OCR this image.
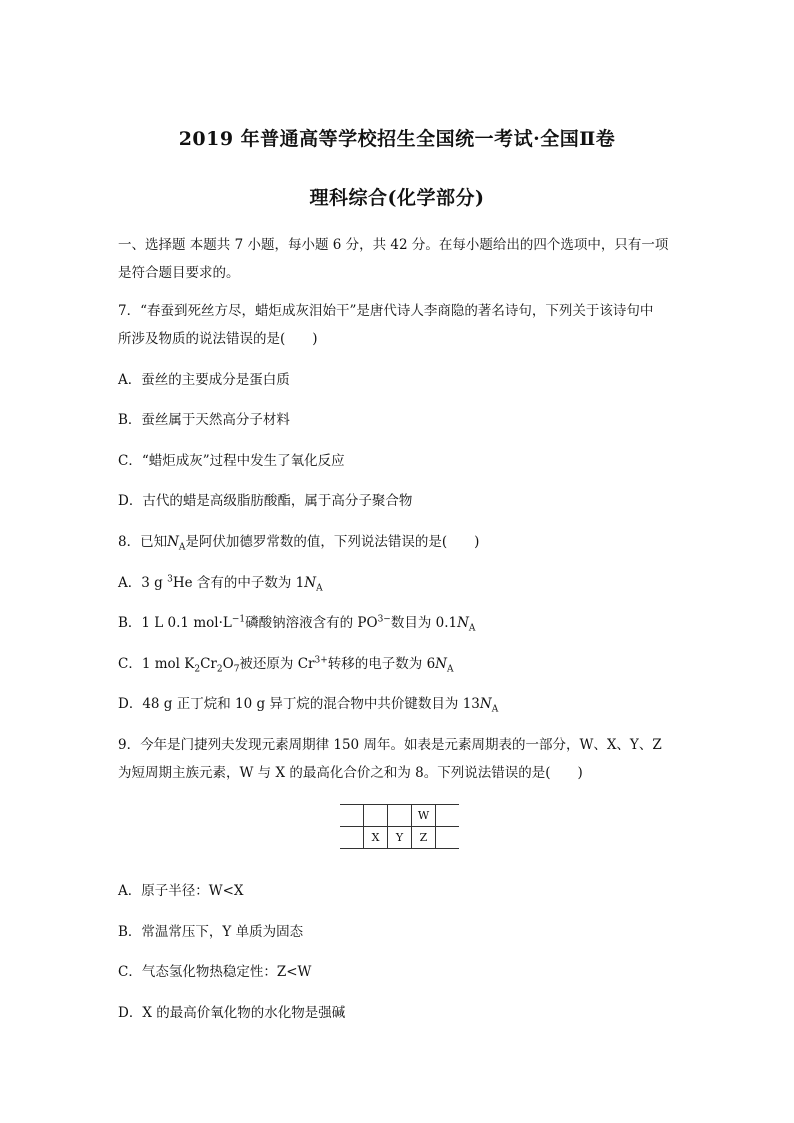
2019 年普通高等学校招生全国统一考试·全国Ⅱ卷
理科综合(化学部分)
一、选择题 本题共 7 小题，每小题 6 分，共 42 分。在每小题给出的四个选项中，只有一项
是符合题目要求的。
7．“春蚕到死丝方尽，蜡炬成灰泪始干”是唐代诗人李商隐的著名诗句，下列关于该诗句中
所涉及物质的说法错误的是(　　)
A．蚕丝的主要成分是蛋白质
B．蚕丝属于天然高分子材料
C．“蜡炬成灰”过程中发生了氧化反应
D．古代的蜡是高级脂肪酸酯，属于高分子聚合物
8．已知$N_A$是阿伏加德罗常数的值，下列说法错误的是(　　)
A．3 g $^3$He 含有的中子数为 $1N_A$
B．1 L 0.1 $mol\cdot L^{-1}$磷酸钠溶液含有的 $PO^{3-}$数目为 $0.1N_A$
C．1 mol $K_2Cr_2O_7$被还原为 $Cr^{3+}$转移的电子数为 $6N_A$
D．48 g 正丁烷和 10 g 异丁烷的混合物中共价键数目为 $13N_A$
9．今年是门捷列夫发现元素周期律 150 周年。如表是元素周期表的一部分，W、X、Y、Z
为短周期主族元素，W 与 X 的最高化合价之和为 8。下列说法错误的是(　　)
			W	
	X	Y	Z	
A．原子半径：W<X
B．常温常压下，Y 单质为固态
C．气态氢化物热稳定性：Z<W
D．X 的最高价氧化物的水化物是强碱
